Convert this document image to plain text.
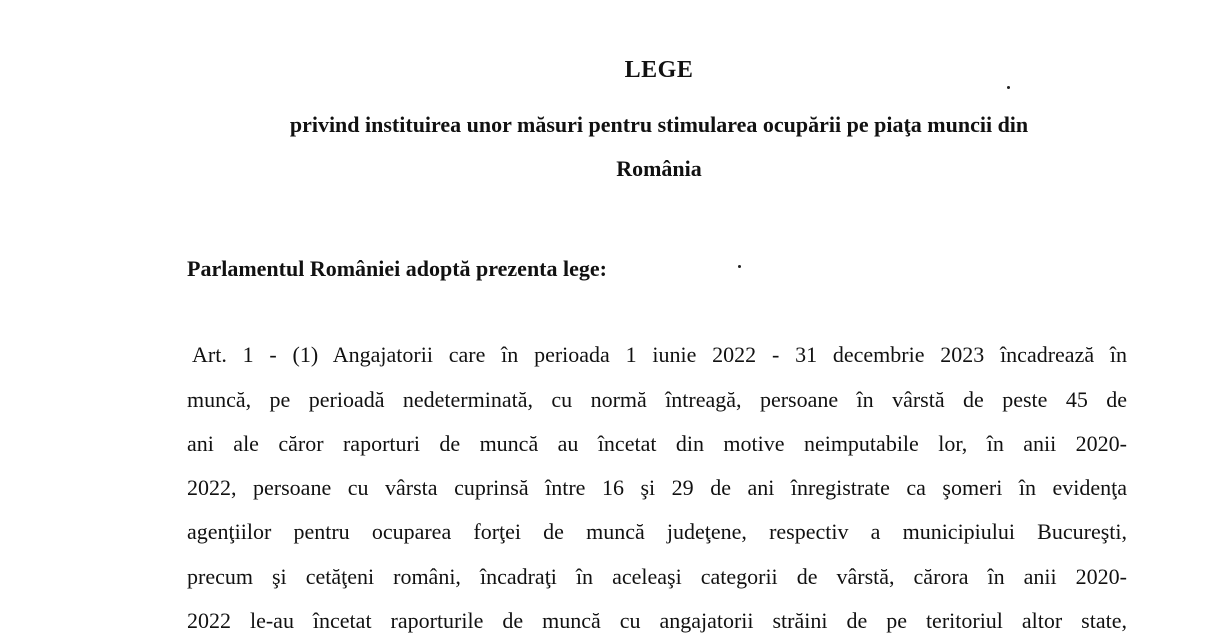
LEGE
privind instituirea unor măsuri pentru stimularea ocupării pe piaţa muncii din
România
Parlamentul României adoptă prezenta lege:
Art. 1 - (1) Angajatorii care în perioada 1 iunie 2022 - 31 decembrie 2023 încadrează în
muncă, pe perioadă nedeterminată, cu normă întreagă, persoane în vârstă de peste 45 de
ani ale căror raporturi de muncă au încetat din motive neimputabile lor, în anii 2020-
2022, persoane cu vârsta cuprinsă între 16 şi 29 de ani înregistrate ca şomeri în evidenţa
agenţiilor pentru ocuparea forţei de muncă judeţene, respectiv a municipiului Bucureşti,
precum şi cetăţeni români, încadraţi în aceleaşi categorii de vârstă, cărora în anii 2020-
2022 le-au încetat raporturile de muncă cu angajatorii străini de pe teritoriul altor state,
